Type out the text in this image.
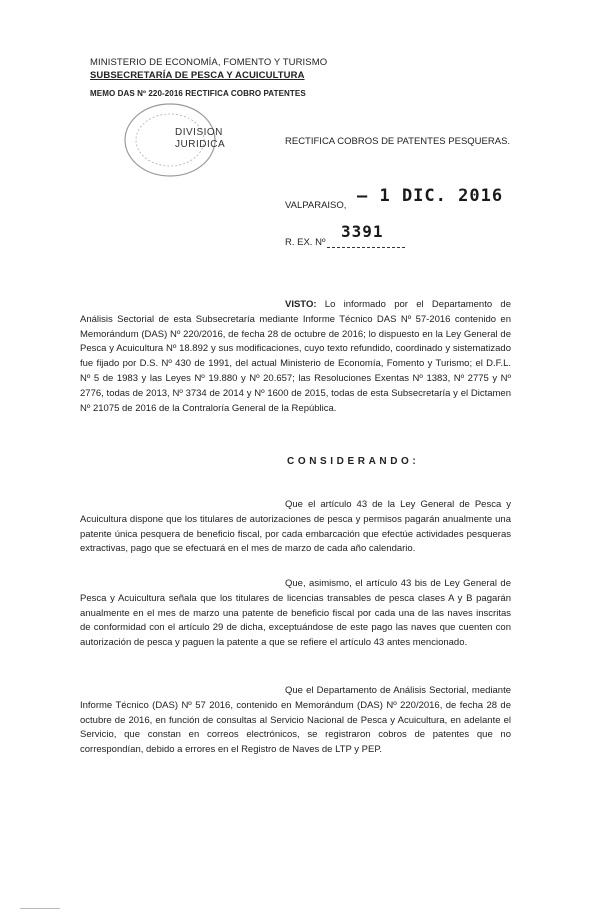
MINISTERIO DE ECONOMÍA, FOMENTO Y TURISMO
SUBSECRETARÍA DE PESCA Y ACUICULTURA
MEMO DAS Nº 220-2016 RECTIFICA COBRO PATENTES
DIVISION
JURIDICA	RECTIFICA COBROS DE PATENTES PESQUERAS.
VALPARAISO, – 1 DIC. 2016
R. EX. Nº
3391

VISTO: Lo informado por el Departamento de Análisis Sectorial de esta Subsecretaría mediante Informe Técnico DAS Nº 57-2016 contenido en Memorándum (DAS) Nº 220/2016, de fecha 28 de octubre de 2016; lo dispuesto en la Ley General de Pesca y Acuicultura Nº 18.892 y sus modificaciones, cuyo texto refundido, coordinado y sistematizado fue fijado por D.S. Nº 430 de 1991, del actual Ministerio de Economía, Fomento y Turismo; el D.F.L. Nº 5 de 1983 y las Leyes Nº 19.880 y Nº 20.657; las Resoluciones Exentas Nº 1383, Nº 2775 y Nº 2776, todas de 2013, Nº 3734 de 2014 y Nº 1600 de 2015, todas de esta Subsecretaría y el Dictamen Nº 21075 de 2016 de la Contraloría General de la República.

CONSIDERANDO:

Que el artículo 43 de la Ley General de Pesca y Acuicultura dispone que los titulares de autorizaciones de pesca y permisos pagarán anualmente una patente única pesquera de beneficio fiscal, por cada embarcación que efectúe actividades pesqueras extractivas, pago que se efectuará en el mes de marzo de cada año calendario.

Que, asimismo, el artículo 43 bis de Ley General de Pesca y Acuicultura señala que los titulares de licencias transables de pesca clases A y B pagarán anualmente en el mes de marzo una patente de beneficio fiscal por cada una de las naves inscritas de conformidad con el artículo 29 de dicha, exceptuándose de este pago las naves que cuenten con autorización de pesca y paguen la patente a que se refiere el artículo 43 antes mencionado.

Que el Departamento de Análisis Sectorial, mediante Informe Técnico (DAS) Nº 57 2016, contenido en Memorándum (DAS) Nº 220/2016, de fecha 28 de octubre de 2016, en función de consultas al Servicio Nacional de Pesca y Acuicultura, en adelante el Servicio, que constan en correos electrónicos, se registraron cobros de patentes que no correspondían, debido a errores en el Registro de Naves de LTP y PEP.
